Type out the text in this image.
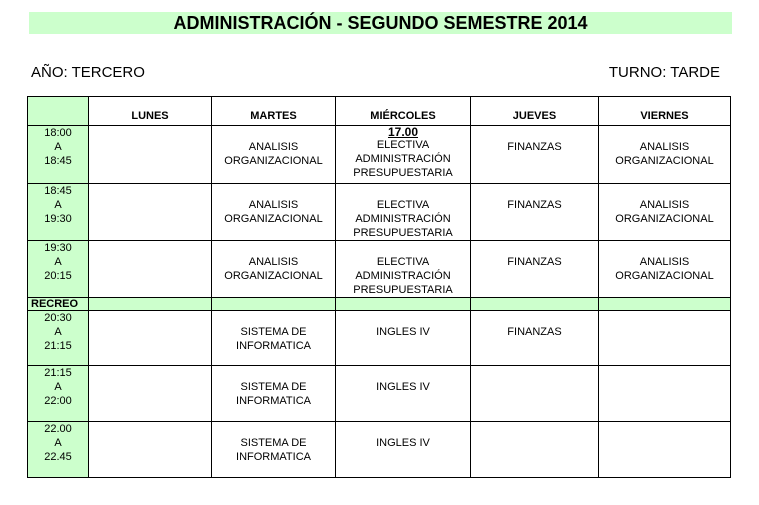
ADMINISTRACIÓN - SEGUNDO SEMESTRE 2014
AÑO: TERCERO	TURNO: TARDE
	LUNES	MARTES	MIÉRCOLES	JUEVES	VIERNES

18:00
A
18:45		ANALISIS
ORGANIZACIONAL	17.00
ELECTIVA
ADMINISTRACIÓN
PRESUPUESTARIA	FINANZAS	ANALISIS
ORGANIZACIONAL

18:45
A
19:30		ANALISIS
ORGANIZACIONAL	ELECTIVA
ADMINISTRACIÓN
PRESUPUESTARIA	FINANZAS	ANALISIS
ORGANIZACIONAL

19:30
A
20:15		ANALISIS
ORGANIZACIONAL	ELECTIVA
ADMINISTRACIÓN
PRESUPUESTARIA	FINANZAS	ANALISIS
ORGANIZACIONAL

RECREO					

20:30
A
21:15		SISTEMA DE
INFORMATICA	INGLES IV	FINANZAS	

21:15
A
22:00		SISTEMA DE
INFORMATICA	INGLES IV		

22.00
A
22.45		SISTEMA DE
INFORMATICA	INGLES IV		
